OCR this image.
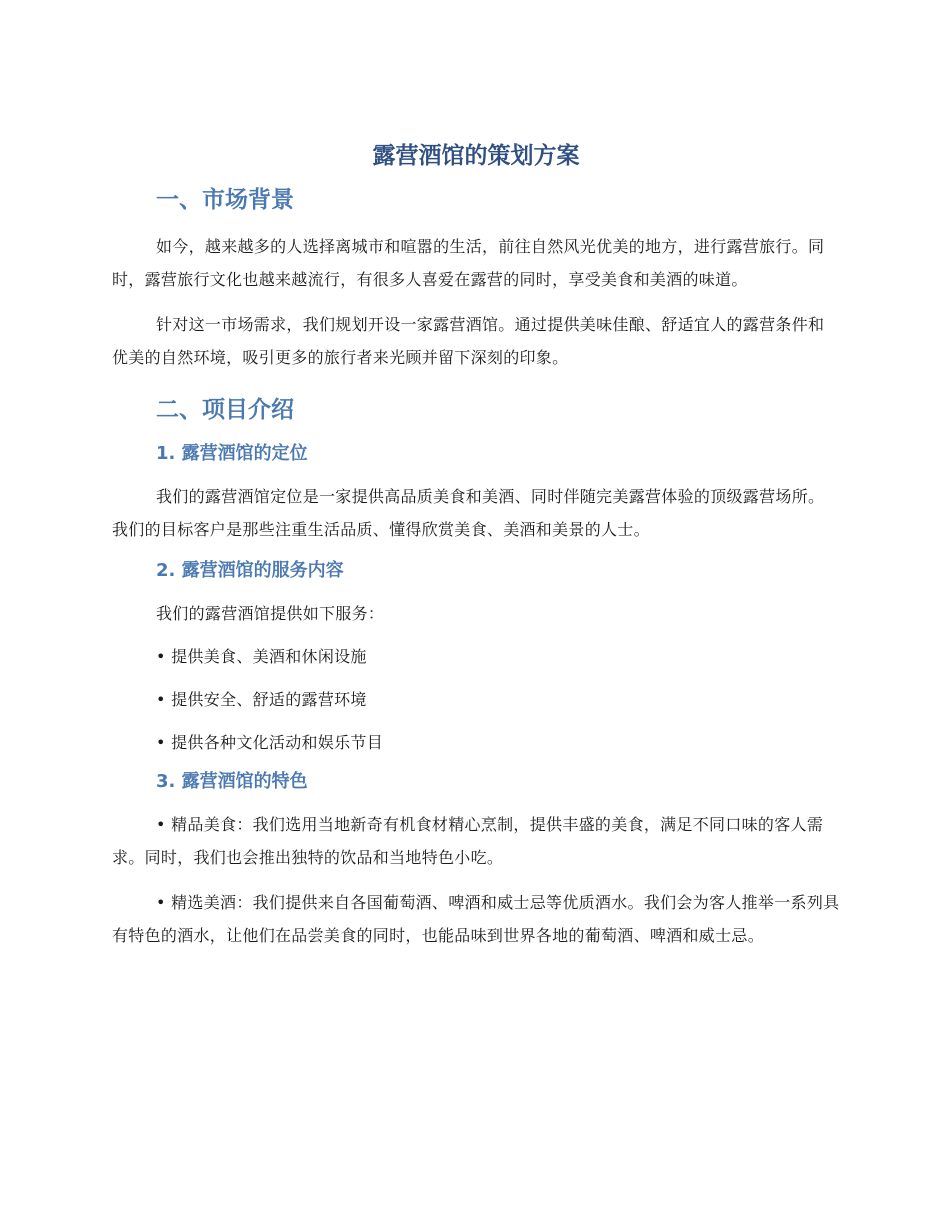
露营酒馆的策划方案
一、市场背景
如今，越来越多的人选择离城市和喧嚣的生活，前往自然风光优美的地方，进行露营旅行。同时，露营旅行文化也越来越流行，有很多人喜爱在露营的同时，享受美食和美酒的味道。
针对这一市场需求，我们规划开设一家露营酒馆。通过提供美味佳酿、舒适宜人的露营条件和优美的自然环境，吸引更多的旅行者来光顾并留下深刻的印象。
二、项目介绍
1. 露营酒馆的定位
我们的露营酒馆定位是一家提供高品质美食和美酒、同时伴随完美露营体验的顶级露营场所。我们的目标客户是那些注重生活品质、懂得欣赏美食、美酒和美景的人士。
2. 露营酒馆的服务内容
我们的露营酒馆提供如下服务：
• 提供美食、美酒和休闲设施
• 提供安全、舒适的露营环境
• 提供各种文化活动和娱乐节目
3. 露营酒馆的特色
• 精品美食：我们选用当地新奇有机食材精心烹制，提供丰盛的美食，满足不同口味的客人需求。同时，我们也会推出独特的饮品和当地特色小吃。
• 精选美酒：我们提供来自各国葡萄酒、啤酒和威士忌等优质酒水。我们会为客人推举一系列具有特色的酒水，让他们在品尝美食的同时，也能品味到世界各地的葡萄酒、啤酒和威士忌。
